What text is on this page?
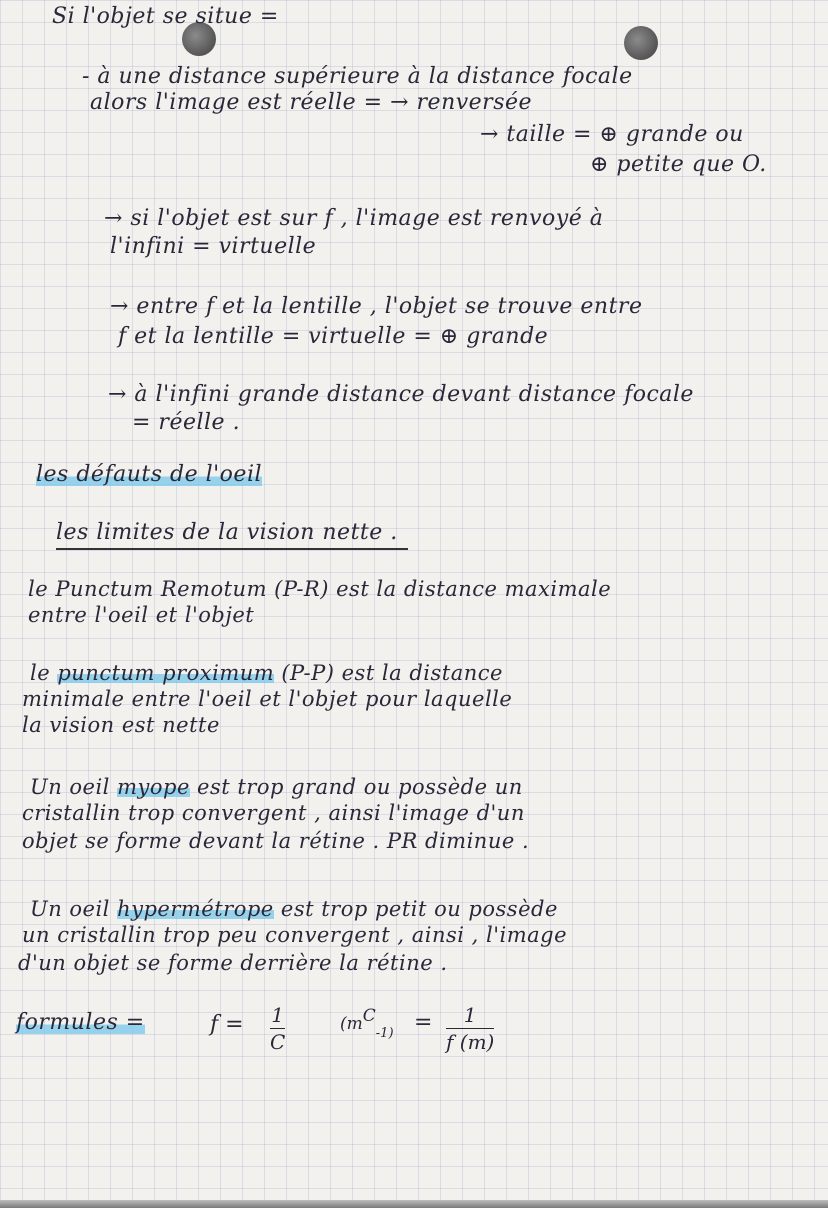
Si l'objet se situe =
- à une distance supérieure à la distance focale
alors l'image est réelle = → renversée
→ taille = ⊕ grande ou
⊕ petite que O.
→ si l'objet est sur f , l'image est renvoyé à
l'infini = virtuelle
→ entre f et la lentille , l'objet se trouve entre
f et la lentille = virtuelle = ⊕ grande
→ à l'infini grande distance devant distance focale
= réelle .
les défauts de l'oeil
les limites de la vision nette .
le Punctum Remotum (P-R) est la distance maximale
entre l'oeil et l'objet
le punctum proximum (P-P) est la distance
minimale entre l'oeil et l'objet pour laquelle
la vision est nette
Un oeil myope est trop grand ou possède un
cristallin trop convergent , ainsi l'image d'un
objet se forme devant la rétine . PR diminue .
Un oeil hypermétrope est trop petit ou possède
un cristallin trop peu convergent , ainsi , l'image
d'un objet se forme derrière la rétine .
formules =	f = 1
C
($mC_{-1)} = 1$
f (m)
